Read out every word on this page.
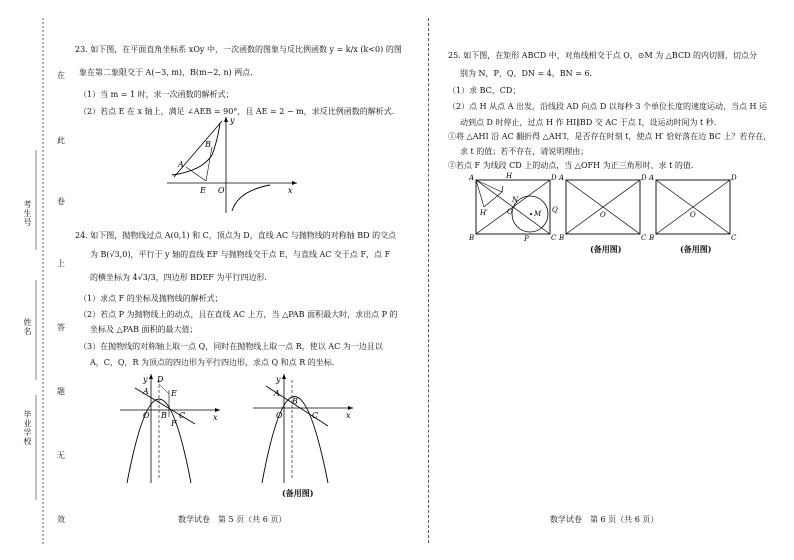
在
此
卷
上
答
题
无
效
考生号
姓名
毕业学校
23. 如下图，在平面直角坐标系 xOy 中，一次函数的图象与反比例函数 y = k/x (k<0) 的图
象在第二象限交于 A(−3, m)，B(m−2, n) 两点.
（1）当 m = 1 时，求一次函数的解析式；
（2）若点 E 在 x 轴上，满足 ∠AEB = 90°，且 AE = 2 − m，求反比例函数的解析式.
A
B
E O	x
y
24. 如下图，抛物线过点 A(0,1) 和 C，顶点为 D，直线 AC 与抛物线的对称轴 BD 的交点
为 B(√3,0)，平行于 y 轴的直线 EF 与抛物线交于点 E，与直线 AC 交于点 F，点 F
的横坐标为 4√3/3，四边形 BDEF 为平行四边形.
（1）求点 F 的坐标及抛物线的解析式；
（2）若点 P 为抛物线上的动点，且在直线 AC 上方，当 △PAB 面积最大时，求出点 P 的
坐标及 △PAB 面积的最大值；
（3）在抛物线的对称轴上取一点 Q，同时在抛物线上取一点 R，使以 AC 为一边且以
A，C，Q，R 为顶点的四边形为平行四边形，求点 Q 和点 R 的坐标.
y D
A	E
O B C
F
x
y
A
B
O	C	x
(备用图)
25. 如下图，在矩形 ABCD 中，对角线相交于点 O，⊙M 为 △BCD 的内切圆，切点分
别为 N，P，Q，DN = 4，BN = 6.
（1）求 BC，CD；
（2）点 H 从点 A 出发，沿线段 AD 向点 D 以每秒 3 个单位长度的速度运动，当点 H 运
动到点 D 时停止，过点 H 作 HI∥BD 交 AC 于点 I，设运动时间为 t 秒.
①将 △AHI 沿 AC 翻折得 △AH′I，是否存在时刻 t，使点 H′ 恰好落在边 BC 上？若存在，
求 t 的值；若不存在，请说明理由；
②若点 F 为线段 CD 上的动点，当 △OFH 为正三角形时，求 t 的值.
A	H	D
I
N
O	M
H′
B	P	C
Q
A	D
O
B	C
A	D
O
B	C
(备用图)	(备用图)
数学试卷　第 5 页（共 6 页）	数学试卷　第 6 页（共 6 页）
